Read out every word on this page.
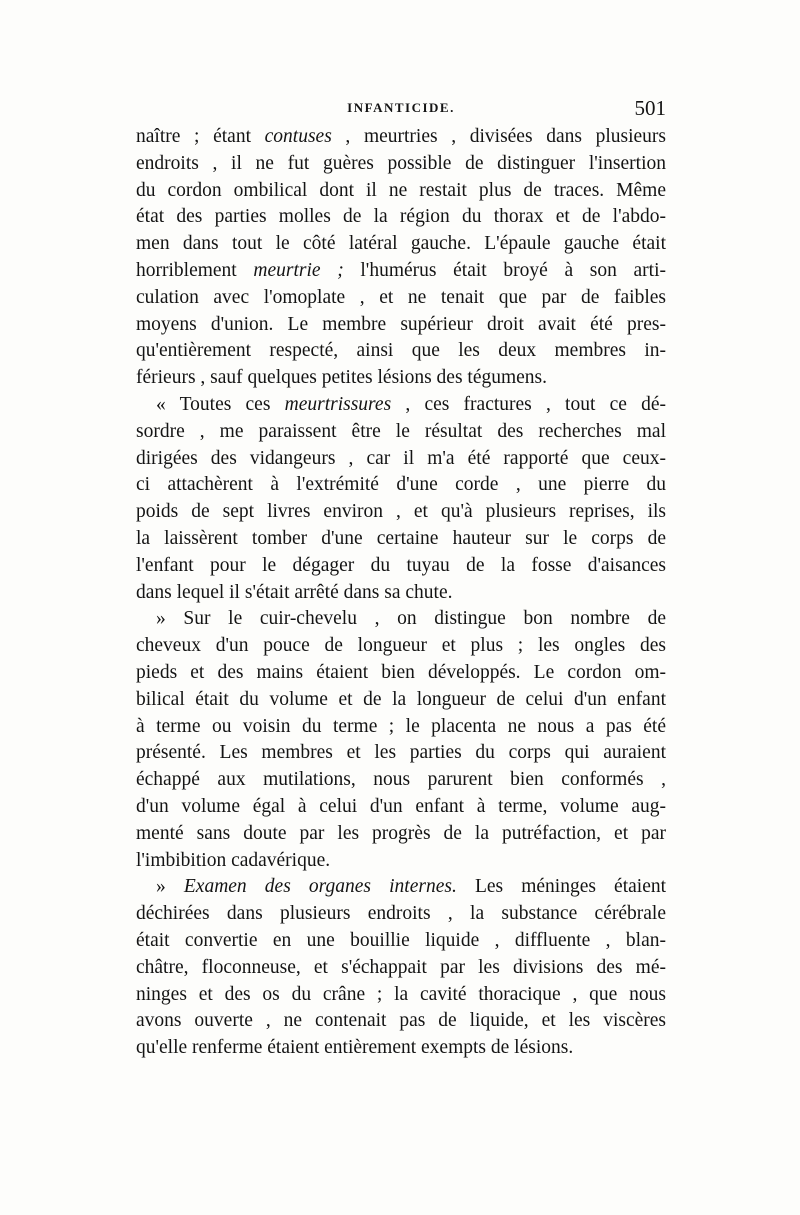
INFANTICIDE.	501
naître ; étant contuses , meurtries , divisées dans plusieurs
endroits , il ne fut guères possible de distinguer l'insertion
du cordon ombilical dont il ne restait plus de traces. Même
état des parties molles de la région du thorax et de l'abdo-
men dans tout le côté latéral gauche. L'épaule gauche était
horriblement meurtrie ; l'humérus était broyé à son arti-
culation avec l'omoplate , et ne tenait que par de faibles
moyens d'union. Le membre supérieur droit avait été pres-
qu'entièrement respecté, ainsi que les deux membres in-
férieurs , sauf quelques petites lésions des tégumens.
« Toutes ces meurtrissures , ces fractures , tout ce dé-
sordre , me paraissent être le résultat des recherches mal
dirigées des vidangeurs , car il m'a été rapporté que ceux-
ci attachèrent à l'extrémité d'une corde , une pierre du
poids de sept livres environ , et qu'à plusieurs reprises, ils
la laissèrent tomber d'une certaine hauteur sur le corps de
l'enfant pour le dégager du tuyau de la fosse d'aisances
dans lequel il s'était arrêté dans sa chute.
» Sur le cuir-chevelu , on distingue bon nombre de
cheveux d'un pouce de longueur et plus ; les ongles des
pieds et des mains étaient bien développés. Le cordon om-
bilical était du volume et de la longueur de celui d'un enfant
à terme ou voisin du terme ; le placenta ne nous a pas été
présenté. Les membres et les parties du corps qui auraient
échappé aux mutilations, nous parurent bien conformés ,
d'un volume égal à celui d'un enfant à terme, volume aug-
menté sans doute par les progrès de la putréfaction, et par
l'imbibition cadavérique.
» Examen des organes internes. Les méninges étaient
déchirées dans plusieurs endroits , la substance cérébrale
était convertie en une bouillie liquide , diffluente , blan-
châtre, floconneuse, et s'échappait par les divisions des mé-
ninges et des os du crâne ; la cavité thoracique , que nous
avons ouverte , ne contenait pas de liquide, et les viscères
qu'elle renferme étaient entièrement exempts de lésions.
